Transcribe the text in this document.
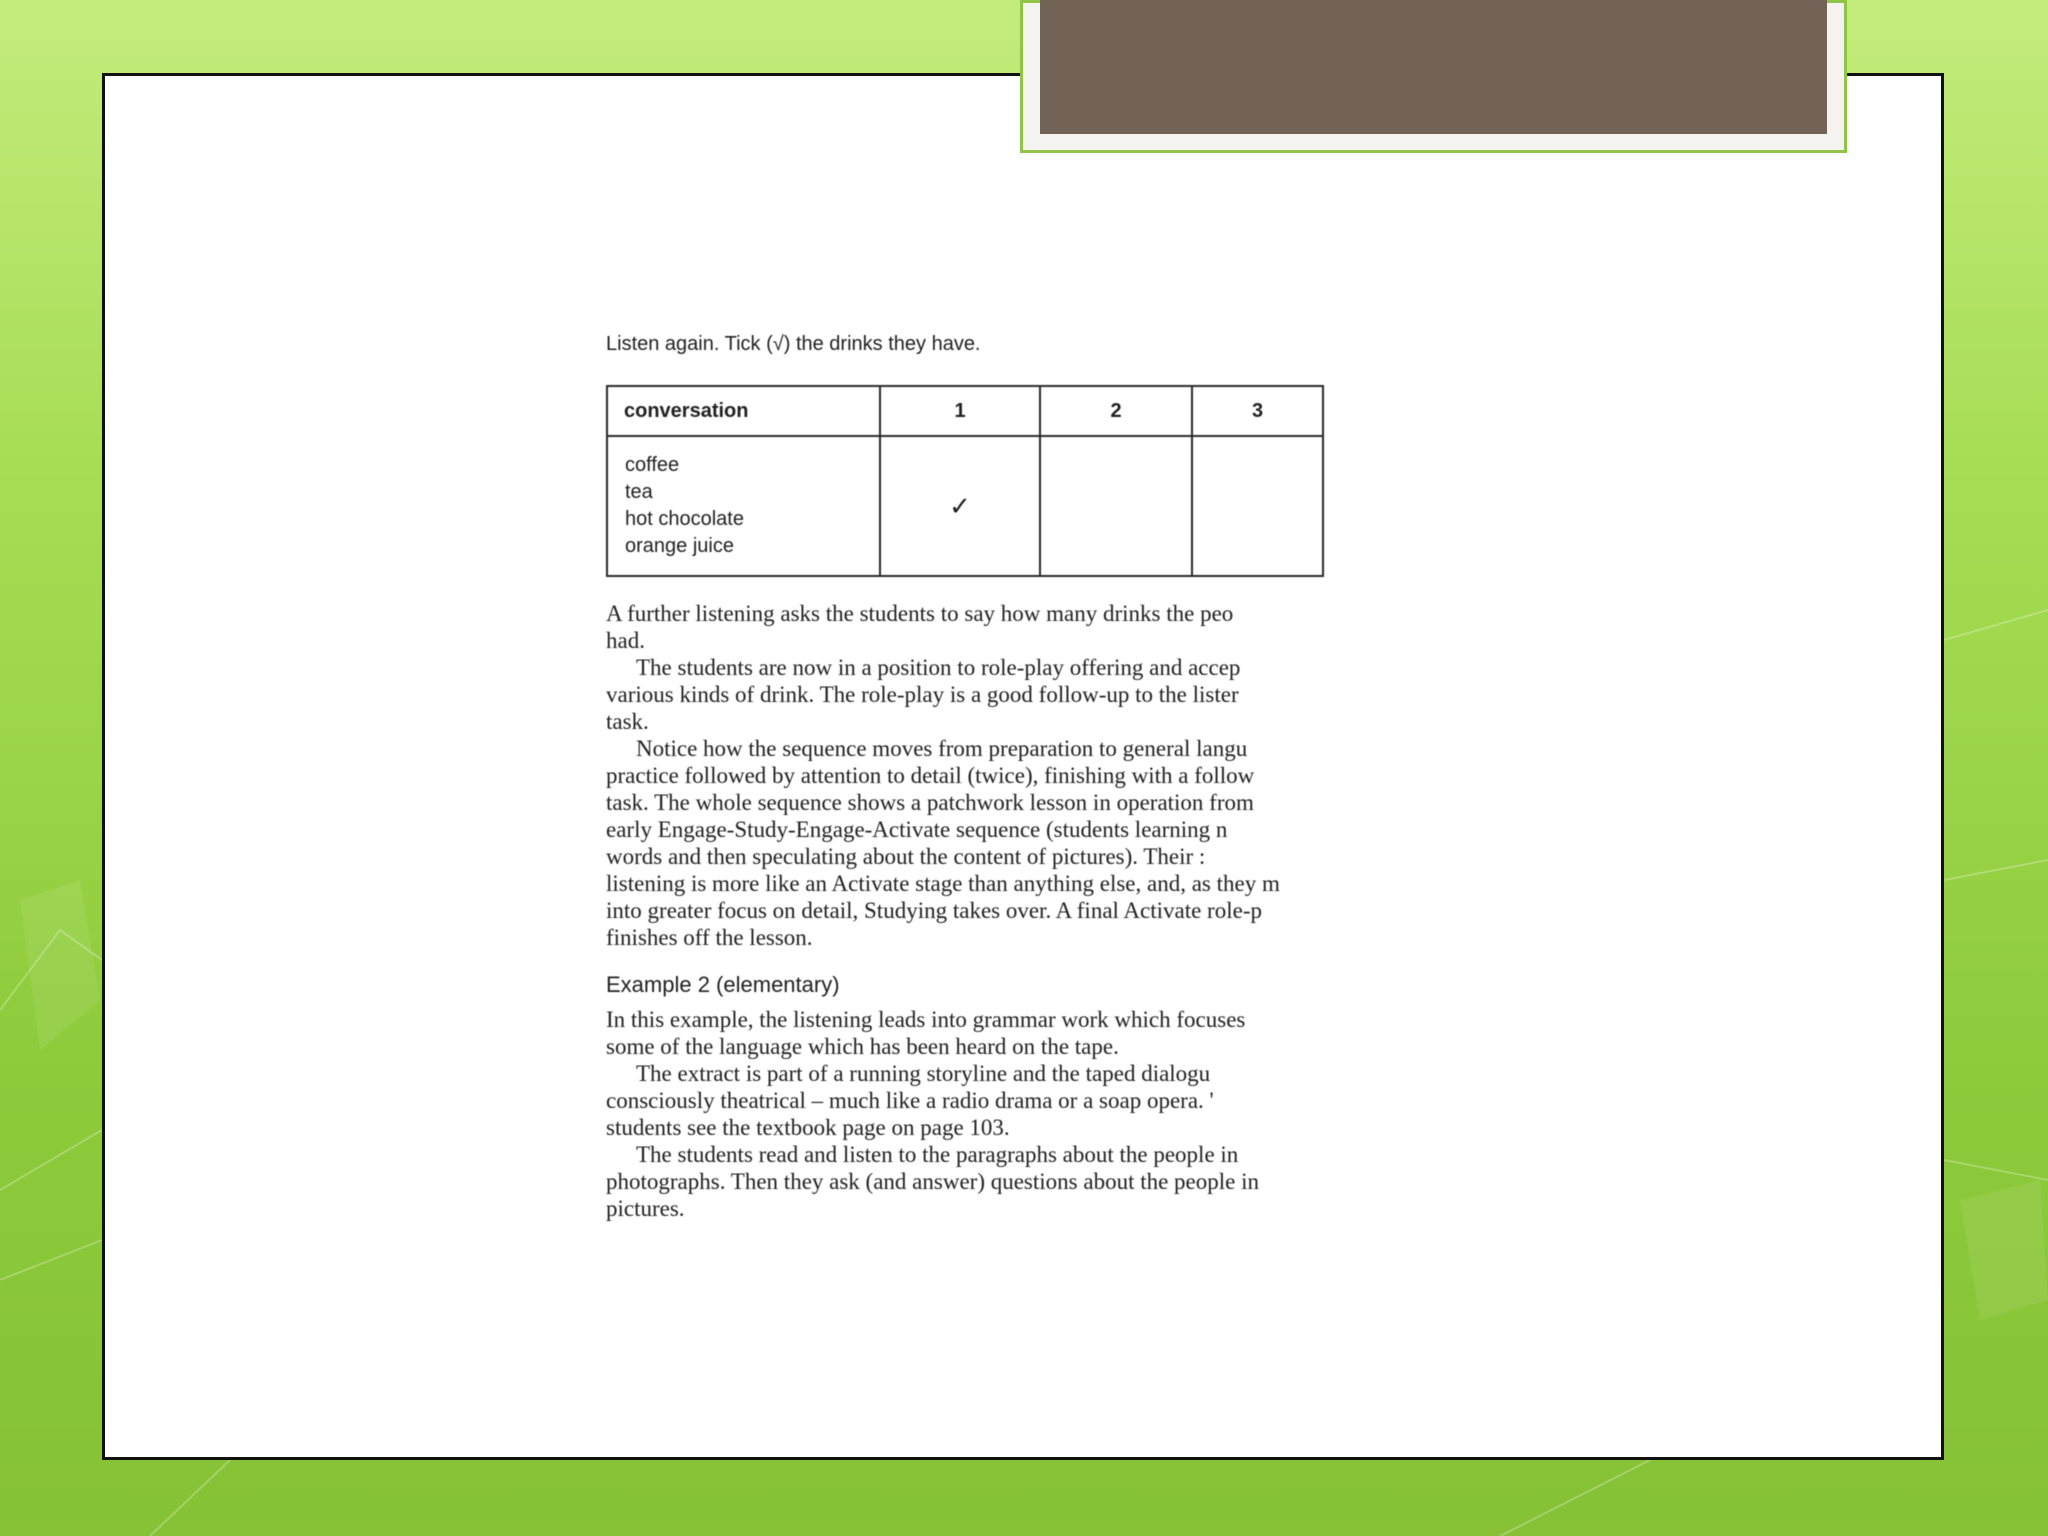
Listen again. Tick (√) the drinks they have.
conversation	1	2	3

coffee
tea
hot chocolate
orange juice	✓		

A further listening asks the students to say how many drinks the peo
had.

The students are now in a position to role-play offering and accep
various kinds of drink. The role-play is a good follow-up to the lister
task.

Notice how the sequence moves from preparation to general langu
practice followed by attention to detail (twice), finishing with a follow
task. The whole sequence shows a patchwork lesson in operation from
early Engage-Study-Engage-Activate sequence (students learning n
words and then speculating about the content of pictures). Their :
listening is more like an Activate stage than anything else, and, as they m
into greater focus on detail, Studying takes over. A final Activate role-p
finishes off the lesson.

Example 2 (elementary)

In this example, the listening leads into grammar work which focuses
some of the language which has been heard on the tape.

The extract is part of a running storyline and the taped dialogu
consciously theatrical – much like a radio drama or a soap opera. '
students see the textbook page on page 103.

The students read and listen to the paragraphs about the people in
photographs. Then they ask (and answer) questions about the people in
pictures.
